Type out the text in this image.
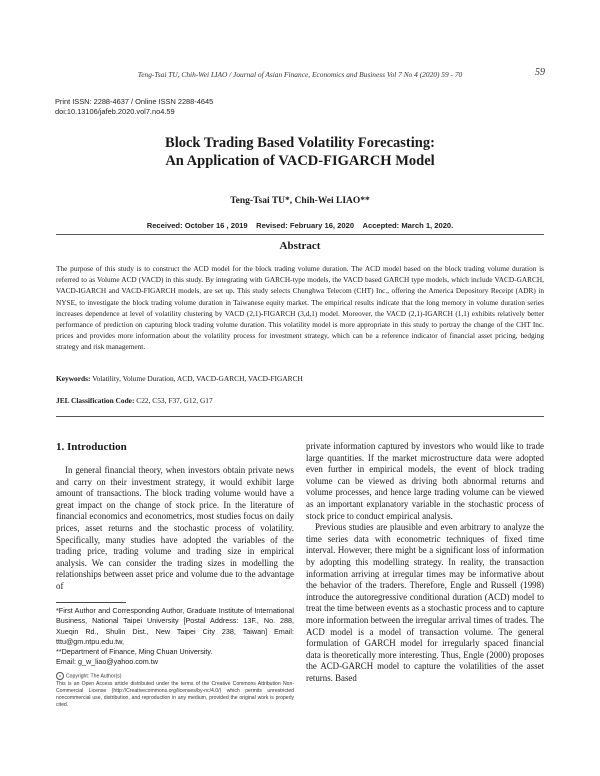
Teng-Tsai TU, Chih-Wei LIAO / Journal of Asian Finance, Economics and Business Vol 7 No 4 (2020) 59 - 70	59
Print ISSN: 2288-4637 / Online ISSN 2288-4645
doi:10.13106/jafeb.2020.vol7.no4.59
Block Trading Based Volatility Forecasting:
An Application of VACD-FIGARCH Model
Teng-Tsai TU*, Chih-Wei LIAO**
Received: October 16 , 2019 Revised: February 16, 2020 Accepted: March 1, 2020.
Abstract
The purpose of this study is to construct the ACD model for the block trading volume duration. The ACD model based on the block trading volume duration is referred to as Volume ACD (VACD) in this study. By integrating with GARCH-type models, the VACD based GARCH type models, which include VACD-GARCH, VACD-IGARCH and VACD-FIGARCH models, are set up. This study selects Chunghwa Telecom (CHT) Inc., offering the America Depository Receipt (ADR) in NYSE, to investigate the block trading volume duration in Taiwanese equity market. The empirical results indicate that the long memory in volume duration series increases dependence at level of volatility clustering by VACD (2,1)-FIGARCH (3,d,1) model. Moreover, the VACD (2,1)-IGARCH (1,1) exhibits relatively better performance of prediction on capturing block trading volume duration. This volatility model is more appropriate in this study to portray the change of the CHT Inc. prices and provides more information about the volatility process for investment strategy, which can be a reference indicator of financial asset pricing, hedging strategy and risk management.
Keywords: Volatility, Volume Duration, ACD, VACD-GARCH, VACD-FIGARCH
JEL Classification Code: C22, C53, F37, G12, G17
1. Introduction

In general financial theory, when investors obtain private news and carry on their investment strategy, it would exhibit large amount of transactions. The block trading volume would have a great impact on the change of stock price. In the literature of financial economics and econometrics, most studies focus on daily prices, asset returns and the stochastic process of volatility. Specifically, many studies have adopted the variables of the trading price, trading volume and trading size in empirical analysis. We can consider the trading sizes in modelling the relationships between asset price and volume due to the advantage of

private information captured by investors who would like to trade large quantities. If the market microstructure data were adopted even further in empirical models, the event of block trading volume can be viewed as driving both abnormal returns and volume processes, and hence large trading volume can be viewed as an important explanatory variable in the stochastic process of stock price to conduct empirical analysis.

Previous studies are plausible and even arbitrary to analyze the time series data with econometric techniques of fixed time interval. However, there might be a significant loss of information by adopting this modelling strategy. In reality, the transaction information arriving at irregular times may be informative about the behavior of the traders. Therefore, Engle and Russell (1998) introduce the autoregressive conditional duration (ACD) model to treat the time between events as a stochastic process and to capture more information between the irregular arrival times of trades. The ACD model is a model of transaction volume. The general formulation of GARCH model for irregularly spaced financial data is theoretically more interesting. Thus, Engle (2000) proposes the ACD-GARCH model to capture the volatilities of the asset returns. Based

*First Author and Corresponding Author, Graduate Institute of International Business, National Taipei University [Postal Address: 13F., No. 288, Xueqin Rd., Shulin Dist., New Taipei City 238, Taiwan] Email: tttu@gm.ntpu.edu.tw,

**Department of Finance, Ming Chuan University.

Email: g_w_liao@yahoo.com.tw

c Copyright: The Author(s)

This is an Open Access article distributed under the terms of the Creative Commons Attribution Non-Commercial License (http://Creativecommons.org/licenses/by-nc/4.0/) which permits unrestricted noncommercial use, distribution, and reproduction in any medium, provided the original work is properly cited.
